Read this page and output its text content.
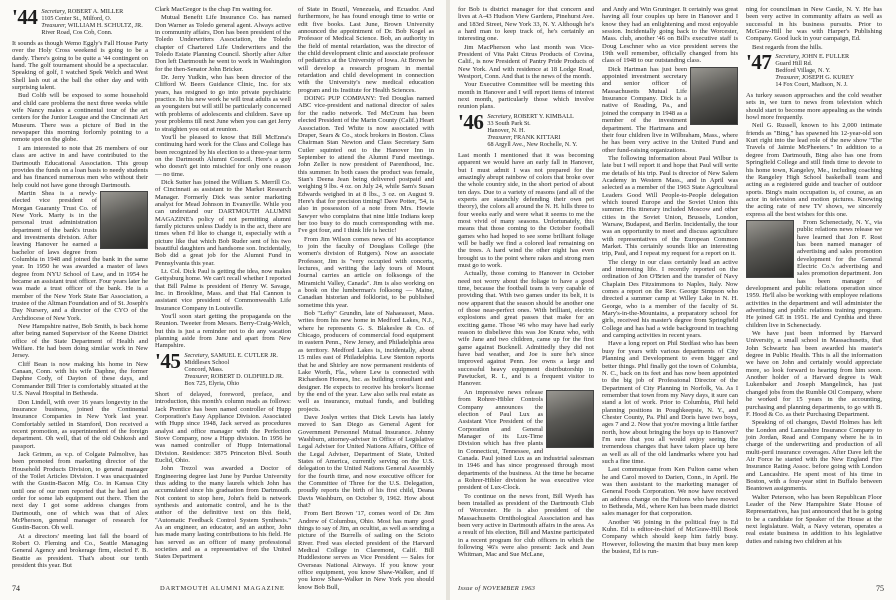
'44 Secretary, ROBERT A. MILLER
1105 Center St., Milford, O.
Treasurer, WILLIAM H. SCHULTZ, JR.
River Road, Cos Cob, Conn.

It sounds as though Wemo Eggly's Fall House Party over the Holy Cross weekend is going to be a dandy. There's going to be quite a '44 contingent on hand. The golf tournament should be a spectacular. Speaking of golf, I watched Spek Welch and West Shell lash out at the ball the other day and with surprising talent.

Bud Colib will be exposed to some household and child care problems the next three weeks while wife Nancy makes a continental tour of the art centers for the Junior League and the Cincinnati Art Museum. There was a picture of Bud in the newspaper this morning forlornly pointing to a remote spot on the globe.

I am interested to note that 26 members of our class are active in and have contributed to the Dartmouth Educational Association. This group provides the funds on a loan basis to needy students and has financed numerous men who without their help could not have gone through Dartmouth.

Martin Shea is a newly-elected vice president of Morgan Guaranty Trust Co. of New York. Marty is in the personal trust administration department of the bank's trusts and investments division. After leaving Hanover he earned a bachelor of laws degree from Columbia in 1948 and joined the bank in the same year. In 1950 he was awarded a master of laws degree from NYU School of Law, and in 1954 he became an assistant trust officer. Four years later he was made a trust officer of the bank. He is a member of the New York State Bar Association, a trustee of the Altman Foundation and of St. Joseph's Day Nursery, and a director of the CYO of the Archdiocese of New York.

New Hampshire native, Bob Smith, is back home after being named Supervisor of the Keene District office of the State Department of Health and Welfare. He had been doing similar work in New Jersey.

Cliff Bean is now making his home in New Canaan, Conn. with his wife Daphne, the former Daphne Cody, of Dayton of these days, and Commander Bill Trier is comfortably situated at the U.S. Naval Hospital in Bethesda.

Don Lindell, with over 16 years longevity in the insurance business, joined the Continental Insurance Companies in New York last year. Comfortably settled in Stamford, Don received a recent promotion, as superintendent of the foreign department. Oh well, that of the old Oshkosh and passport.

Jack Grimm, as v.p. of Colgate Palmolive, has been promoted from marketing director of the Household Products Division, to general manager of the Toilet Articles Division. I was unacquainted with the Gustin-Bacon Mfg. Co. in Kansas City until one of our men reported that he had lent an order for some lab equipment out there. Then the next day I got some address changes from Dartmouth, one of which was that of Alex McPherson, general manager of research for Gustin-Bacon. Oh well.

At a directors' meeting last fall the board of Robert O. Fleming and Co., Seattle Managing General Agency and brokerage firm, elected F. B. Beattie as president. That's about our tenth president this year. But

Clark MacGregor is the chap I'm waiting for.

Mutual Benefit Life Insurance Co. has named Don Warner as Toledo general agent. Always active in community affairs, Don has been president of the Toledo Underwriters Association, the Toledo chapter of Chartered Life Underwriters and the Toledo Estate Planning Council. Shortly after After Don left Dartmouth he went to work in Washington for the then-Senator John Bricker.

Dr. Jerry Yudkin, who has been director of the Clifford W. Beers Guidance Clinic, Inc. for six years, has resigned to go into private psychiatric practice. In his new work he will treat adults as well as youngsters but will still be particularly concerned with problems of adolescents and children. Save up your problems till next June when you can get Jerry to straighten you out at reunion.

You'll be pleased to know that Bill McEnna's continuing hard work for the Class and College has been recognized by his election to a three-year term on the Dartmouth Alumni Council. Here's a guy who doesn't get into mischief for only one reason — no time.

Dick Sutter has joined the William S. Merrill Co. of Cincinnati as assistant to the Market Research Manager. Formerly Dick was senior marketing analyst for Mead Johnson in Evansville. While you can understand our DARTMOUTH ALUMNI MAGAZINE's policy of not permitting alumni family pictures unless Daddy is in the act, there are times when I'd like to change it, especially with a picture like that which Bob Ruder sent of his two beautiful daughters and handsome son. Incidentally, Bob did a great job for the Alumni Fund in Pennsylvania this year.

Lt. Col. Dick Paul is getting the idea, now makes Gettysburg home. We can't recall whether I reported that Bill Palme is president of Henry W. Savage, Inc. in Brookline, Mass. and that Hal Cannon is assistant vice president of Commonwealth Life Insurance Company in Louisville.

You'll soon start getting the propaganda on the Reunion. Tweeter from Messrs. Berry-Craig-Welch, but this is just a reminder not to do any vacation planning aside from June and apart from New Hampshire.

'45 Secretary, SAMUEL E. CUTLER JR.
Middlesex School
Concord, Mass.
Treasurer, ROBERT D. OLDFIELD JR.
Box 725, Elyria, Ohio

Short of delayed, foreword, preface, and introduction, this month's column reads as follows: Jack Prentice has been named controller of Hupp Corporation's Easy Appliance Division. Associated with Hupp since 1948, Jack served as procedures analyst and office manager with the Perfection Stove Company, now a Hupp division. In 1956 he was named controller of Hupp International Division. Residence: 3875 Princeton Blvd. South Euclid, Ohio.

John Trezol was awarded a Doctor of Engineering degree last June by Purdue University thus adding to the many laurels which John has accumulated since his graduation from Dartmouth. Not content to stop here, John's field is network synthesis and automatic control, and he is the author of the definitive text on this field, "Automatic Feedback Control System Synthesis." As an engineer, an educator, and an author, John has made many lasting contributions to his field. He has served as an officer of many professional societies and as a representative of the United States Department

of State in Brazil, Venezuela, and Ecuador. And furthermore, he has found enough time to write or edit five books. Last June, Brown University announced the appointment of Dr. Bob Kogel as Professor of Medical Science. Bob, an authority in the field of mental retardation, was the director of the child development clinic and associate professor of pediatrics at the University of Iowa. At Brown he will develop a research program in mental retardation and child development in connection with the University's new medical education program and its Institute for Health Sciences.

DOING PUP COMPANY: Ted Douglas named ABC vice-president and national director of sales for the radio network. Ted McCrum has been elected President of the Marin County (Calif.) Heart Association. Ted White is now associated with Draper, Sears & Co., stock brokers in Boston. Class Chairman Stan Newton and Class Secretary Sam Cutler squinted out to the Hanover Inn in September to attend the Alumni Fund meetings. John Zeller is now president of Parenthood, Inc. this summer. In both cases the product was female, Stan's Deena Jean being delivered postpaid and weighing 9 lbs. 4 oz. on July 24, while Sam's Susan Edwards weighed in at 8 lbs., 3 oz. on August 9. Here's that for precision timing! Dave Potter, '54, is also in possession of a note from Mrs. Howie Sawyer who complains that nine little Indians keep her too busy to do much corresponding with me. I've got four, and I think life is hectic!

From Jim Wilson comes news of his acceptance to join the faculty of Douglass College (the women's division of Rutgers). Now an associate Professor, Jim is "very occupied with concerts, lectures, and writing the lady tours of Mount Journal carries an article on folksongs of the Miramichi Valley, Canada". Jim is also working on a book on the lumberman's folksong — Maine, Canadian historian and folklorist, to be published sometime this year.

Bob "Lefty" Grundin, late of Nahaeasset, Mass. writes from his new home in Medford Lakes, N.J., where he represents G. S. Blakeslee & Co. of Chicago, producers of commercial food equipment in eastern Penn., New Jersey, and Philadelphia area as territory. Medford Lakes is, incidentally, about 15 miles east of Philadelphia. Lew Stenton reports that he and Shirley are now permanent residents of Lake Worth, Fla., where Lew is connected with Richardson Homes, Inc. as building consultant and designer. He expects to receive his broker's license by the end of the year. Lew also sells real estate as well as insurance, mutual funds, and building projects.

Dave Joslyn writes that Dick Lewis has lately moved to San Diego as General Agent for Government Personnel Mutual Insurance. Johnny Washburn, attorney-adviser in Office of Legislative Legal Adviser for United Nations Affairs, Office of the Legal Adviser, Department of State, United States of America, currently serving on the U.S. delegation to the United Nations General Assembly for the fourth time, and now executive officer for the Committee of Three for the U.S. Delegation, proudly reports the birth of his first child, Deana Davis Washburn, on October 9, 1962. How about that?

From Bert Brown '17, comes word of Dr. Jim Andrew of Columbus, Ohio. Most has many good things to say of Jim, an ocultist, as well as sending a picture of the Burrells of sailing on the Scioto River. Fred was elected president of the Harvard Medical College in Claremont, Calif. Bill Huddlestone serves as Vice President — Sales for Overseas National Airways. If you know your office equipment, you know Shaw-Walker, and if you know Shaw-Walker in New York you should know Bob Bull,

74	DARTMOUTH ALUMNI MAGAZINE

for Bob is district manager for that concern and lives at A-43 Hudson View Gardens, Pinehurst Ave. and 183rd Street, New York 33, N. Y. Although he's a hard man to keep track of, he's certainly an interesting one.

Jim MacPherson who last month was Vice-President of Vita Pakt Citrus Products of Covina, Calif., is now President of Pantry Pride Products of New York. And with residence at 18 Lodge Road, Westport, Conn. And that is the news of the month.

Your Executive Committee will be meeting this month in Hanover and I will report items of interest next month, particularly those which involve reunion plans.

'46 Secretary, ROBERT Y. KIMBALL
33 South Park St.
Hanover, N. H.
Treasurer, FRANK KITTARI
68 Argyll Ave., New Rochelle, N. Y.

Last month I mentioned that it was becoming apparent we would have an early fall in Hanover, but I must admit I was not prepared for the amazingly abrupt rainbow of colors that broke over the whole country side, in the short period of about ten days. Due to a variety of reasons (and all of the experts are staunchly defending their own pet theory), the colors all around the N. H. hills three to four weeks early and were what it seems to me the most vivid of many seasons. Unfortunately, this means that those coming to the October football games who had hoped to see some brilliant foliage will be badly we find a colored leaf remaining on the trees. A hard wind the other night has even brought us to the point where rakes and strong men must go to work.

Actually, those coming to Hanover in October need not worry about the foliage to have a good time, because the football team is very capable of providing that. With two games under its belt, it is now apparent that the season should be another one of those near-perfect ones. With brilliant, electric explosions and great passes that make for an exciting game. Those '46 who may have had early reason to disbelieve this was Joe Kranz who, with wife Jane and two children, came up for the first game against Bucknell. Admittedly they did not have bad weather, and Joe is sure he's since improved against Penn. Joe owns a large and successful heavy equipment distributorship in Pawtucket, R. I., and is a frequent visitor to Hanover.

An impressive news release from Rohrer-Hibler Controls Company announces the election of Paul Lux as Assistant Vice President of the Corporation and General Manager of its Lux-Time Division which has five plants in Connecticut, Tennessee, and Canada. Paul joined Lux as an industrial salesman in 1946 and has since progressed through most departments of the business. At the time he became a Rohrer-Hibler division he was executive vice president of Lux-Clock.

To continue on the news front, Bill Wyeth has been installed as president of the Dartmouth Club of Worcester. He is also president of the Massachusetts Ornithological Association and has been very active in Dartmouth affairs in the area. As a result of his election, Bill and Maxine participated in a recent program for club officers in which the following '46's were also present: Jack and Jean Whitman, Mac and Sue McLane,

and Andy and Win Gruninger. It certainly was great having all four couples up here in Hanover and I know they had an enlightening and most enjoyable session. Incidentally going back to the Worcester, Mass. club, another '46 on Bill's executive staff is Doug Leschner who as vice president serves the 19th well remember, officially changed from his class of 1948 to our outstanding class.

Dick Hartman has just been appointed investment secretary and senior officer of Massachusetts Mutual Life Insurance Company. Dick is a native of Reading, Pa., and joined the company in 1948 as a member of the investment department. The Hartmans and their four children live in Wilbraham, Mass., where he has been very active in the United Fund and other fund-raising organizations.

The following information about Paul Wilbur is late but I will report it and hope that Paul will write me details of his trip. Paul is director of New Salem Academy in Western Mass., and in April was selected as a member of the 1963 State Agricultural Leaders Good Will People-to-People delegation which toured Europe and the Soviet Union this summer. His itinerary included Moscow and other cities in the Soviet Union, Brussels, London, Warsaw, Budapest, and Berlin. Incidentally, the tour was an opportunity to meet and discuss agriculture with representatives of the European Common Market. This certainly sounds like an interesting trip, Paul, and I repeat my request for a report on it.

The clergy in our class certainly lead an active and interesting life. I recently reported on the ordination of Jon O'Brien and the transfer of Navy Chaplain Des Fitzsimmons to Naples, Italy. Now comes a report on the Rev. George Simpson who directed a summer camp at Willey Lake in N. H. George, who is a member of the faculty of St. Mary's-in-the-Mountains, a preparatory school for girls, received his master's degree from Springfield College and has had a wide background in teaching and camping activities in recent years.

Have a long report on Phil Stedfast who has been busy for years with various departments of City Planning and Development to even bigger and better things. Phil finally got the town of Columbia, N. C., back on its feet and has now been appointed to the big job of Professional Director of the Department of City Planning in Norfolk, Va. As I remember that town from my Navy days, it sure can stand a lot of work. Prior to Columbia, Phil held planning positions in Poughkeepsie, N. Y., and Chester County, Pa. Phil and Doris have two boys, ages 7 and 2. Now that you're moving a little farther north, how about bringing the boys up to Hanover? I'm sure that you all would enjoy seeing the tremendous changes that have taken place up here as well as all of the old landmarks where you had such a fine time.

Last communique from Ken Fulton came when he and Carol moved to Darien, Conn., in April. He was then assistant to the marketing manager of General Foods Corporation. We now have received an address change on the Fultons who have moved to Bethesda, Md., where Ken has been made district sales manager for that corporation.

Another '46 joining in the political fray is Ed Kuhn. Ed is editor-in-chief of McGraw-Hill Book Company which should keep him fairly busy. However, following the maxim that busy men keep the busiest, Ed is run-

ning for councilman in New Castle, N. Y. He has been very active in community affairs as well as successful in his business pursuits. Prior to McGraw-Hill he was with Harper's Publishing Company. Good luck in your campaign, Ed.

Best regards from the hills.

'47 Secretary, JOHN E. FULLER
Guard Hill Rd.
Bedford Village, N. Y.
Treasurer, JOSEPH G. KUREY
14 Fox Court, Madison, N. J.

As turkey season approaches and the cold weather sets in, we turn to news from television which should start to become more appealing as the winds howl more frequently.

Neil G. Russell, known to his 2,000 intimate friends as "Bing," has spawned his 12-year-old son Kurt right into the lead role of the new show "The Travels of Jaimie McPheeters." In addition to a degree from Dartmouth, Bing also has one from Springfield College and still finds time to devote to his home town, Kangeley, Me., including coaching the Rangeley High School basketball team and acting as a registered guide and teacher of outdoor sports. Bing's main occupation is, of course, as an actor in television and motion pictures. Knowing the acting rate of new TV shows, we sincerely express all the best wishes for this one.

From Schenectady, N. Y., via public relations news release we have learned that Jon F. Rost has been named manager of advertising and sales promotion development for the General Electric Co.'s advertising and sales promotion department. Jon has been manager of development and public relations operation since 1959. He'll also be working with employee relations activities in the department and will administer the advertising and public relations training program. He joined GE in 1951. He and Cynthia and three children live in Schenectady.

We have just been informed by Harvard University, a small school in Massachusetts, that John Schwartz has been awarded his master's degree in Public Health. This is all the information we have on John and certainly would appreciate more, so look forward to hearing from him soon. Another holder of a Harvard degree is Walt Lukenbaker and Joseph Mangelinck, has just changed jobs from the Rumble Oil Company, where he worked for 15 years in the accounting, purchasing and planning departments, to go with B. F. Hood & Co. as their Purchasing Department.

Speaking of oil changes, David Holmes has left the London and Lancashire Insurance Company to join Jordan, Read and Company where he is in charge of the underwriting and production of all multi-peril insurance coverages. After Dave left the Air Force he started with the New England Fire Insurance Rating Assoc. before going with London and Lancashire. He spent most of his time in Boston, with a four-year stint in Buffalo between Beantown assignments.

Walter Peterson, who has been Republican Floor Leader of the New Hampshire State House of Representatives, has just announced that he is going to be a candidate for Speaker of the House at the next legislature. Walt, a Navy veteran, operates a real estate business in addition to his legislative duties and raising two children at his

Issue of NOVEMBER 1963	75
